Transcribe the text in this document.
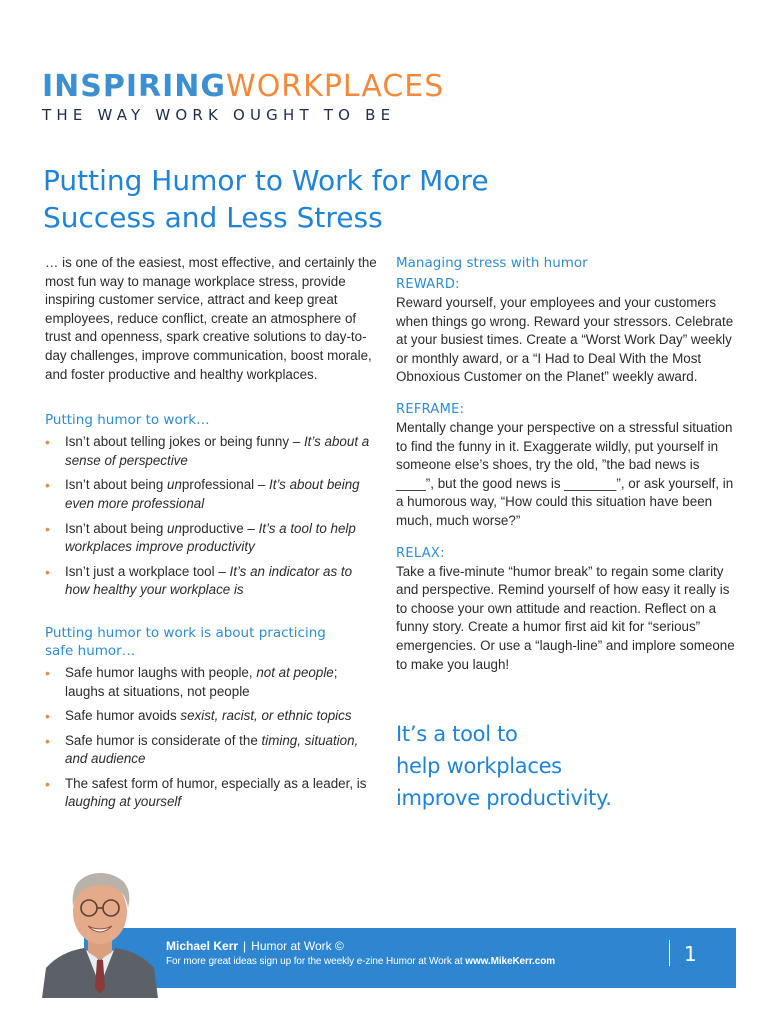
INSPIRINGWORKPLACES
THE WAY WORK OUGHT TO BE
Putting Humor to Work for More
Success and Less Stress

… is one of the easiest, most effective, and certainly the most fun way to manage workplace stress, provide inspiring customer service, attract and keep great employees, reduce conflict, create an atmosphere of trust and openness, spark creative solutions to day-to-day challenges, improve communication, boost morale, and foster productive and healthy workplaces.

Putting humor to work…
• Isn’t about telling jokes or being funny – It’s about a sense of perspective
• Isn’t about being unprofessional – It’s about being even more professional
• Isn’t about being unproductive – It’s a tool to help workplaces improve productivity
• Isn’t just a workplace tool – It’s an indicator as to how healthy your workplace is
Putting humor to work is about practicing
safe humor…
• Safe humor laughs with people, not at people; laughs at situations, not people
• Safe humor avoids sexist, racist, or ethnic topics
• Safe humor is considerate of the timing, situation, and audience
• The safest form of humor, especially as a leader, is laughing at yourself
Managing stress with humor
REWARD:

Reward yourself, your employees and your customers when things go wrong. Reward your stressors. Celebrate at your busiest times. Create a “Worst Work Day” weekly or monthly award, or a “I Had to Deal With the Most Obnoxious Customer on the Planet” weekly award.

REFRAME:

Mentally change your perspective on a stressful situation to find the funny in it. Exaggerate wildly, put yourself in someone else’s shoes, try the old, ”the bad news is ____”, but the good news is _______”, or ask yourself, in a humorous way, “How could this situation have been much, much worse?”

RELAX:

Take a five-minute “humor break” to regain some clarity and perspective. Remind yourself of how easy it really is to choose your own attitude and reaction. Reflect on a funny story. Create a humor first aid kit for “serious” emergencies. Or use a “laugh-line” and implore someone to make you laugh!

It’s a tool to
help workplaces
improve productivity.
Michael Kerr | Humor at Work ©
For more great ideas sign up for the weekly e-zine Humor at Work at www.MikeKerr.com	1
